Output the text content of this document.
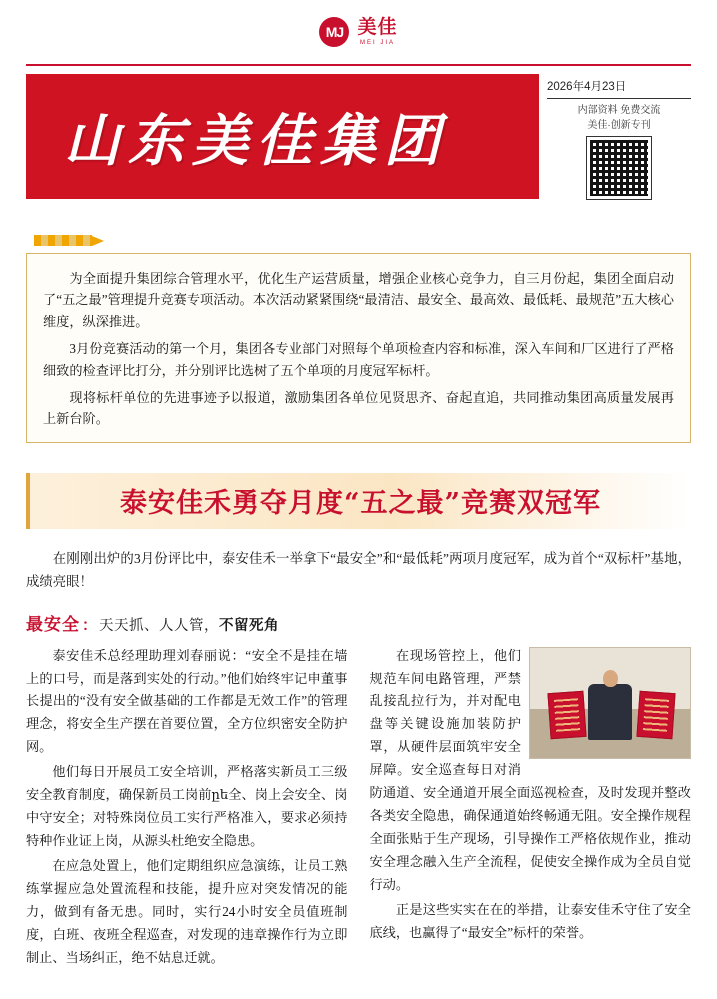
MJ 美佳
MEI JIA
山东美佳集团
2026年4月23日
内部资料 免费交流
美佳·创新专刊

为全面提升集团综合管理水平，优化生产运营质量，增强企业核心竞争力，自三月份起，集团全面启动了“五之最”管理提升竞赛专项活动。本次活动紧紧围绕“最清洁、最安全、最高效、最低耗、最规范”五大核心维度，纵深推进。

3月份竞赛活动的第一个月，集团各专业部门对照每个单项检查内容和标准，深入车间和厂区进行了严格细致的检查评比打分，并分别评比选树了五个单项的月度冠军标杆。

现将标杆单位的先进事迹予以报道，激励集团各单位见贤思齐、奋起直追，共同推动集团高质量发展再上新台阶。

泰安佳禾勇夺月度“五之最”竞赛双冠军
在刚刚出炉的3月份评比中，泰安佳禾一举拿下“最安全”和“最低耗”两项月度冠军，成为首个“双标杆”基地，成绩亮眼！
最安全 ： 天天抓、人人管，不留死角

泰安佳禾总经理助理刘春丽说：“安全不是挂在墙上的口号，而是落到实处的行动。”他们始终牢记申董事长提出的“没有安全做基础的工作都是无效工作”的管理理念，将安全生产摆在首要位置，全方位织密安全防护网。

他们每日开展员工安全培训，严格落实新员工三级安全教育制度，确保新员工岗前ըե全、岗上会安全、岗中守安全；对特殊岗位员工实行严格准入，要求必须持特种作业证上岗，从源头杜绝安全隐患。

在应急处置上，他们定期组织应急演练，让员工熟练掌握应急处置流程和技能，提升应对突发情况的能力，做到有备无患。同时，实行24小时安全员值班制度，白班、夜班全程巡查，对发现的违章操作行为立即制止、当场纠正，绝不姑息迁就。

在现场管控上，他们规范车间电路管理，严禁乱接乱拉行为，并对配电盘等关键设施加装防护罩，从硬件层面筑牢安全屏障。安全巡查每日对消防通道、安全通道开展全面巡视检查，及时发现并整改各类安全隐患，确保通道始终畅通无阻。安全操作规程全面张贴于生产现场，引导操作工严格依规作业，推动安全理念融入生产全流程，促使安全操作成为全员自觉行动。

正是这些实实在在的举措，让泰安佳禾守住了安全底线，也赢得了“最安全”标杆的荣誉。
